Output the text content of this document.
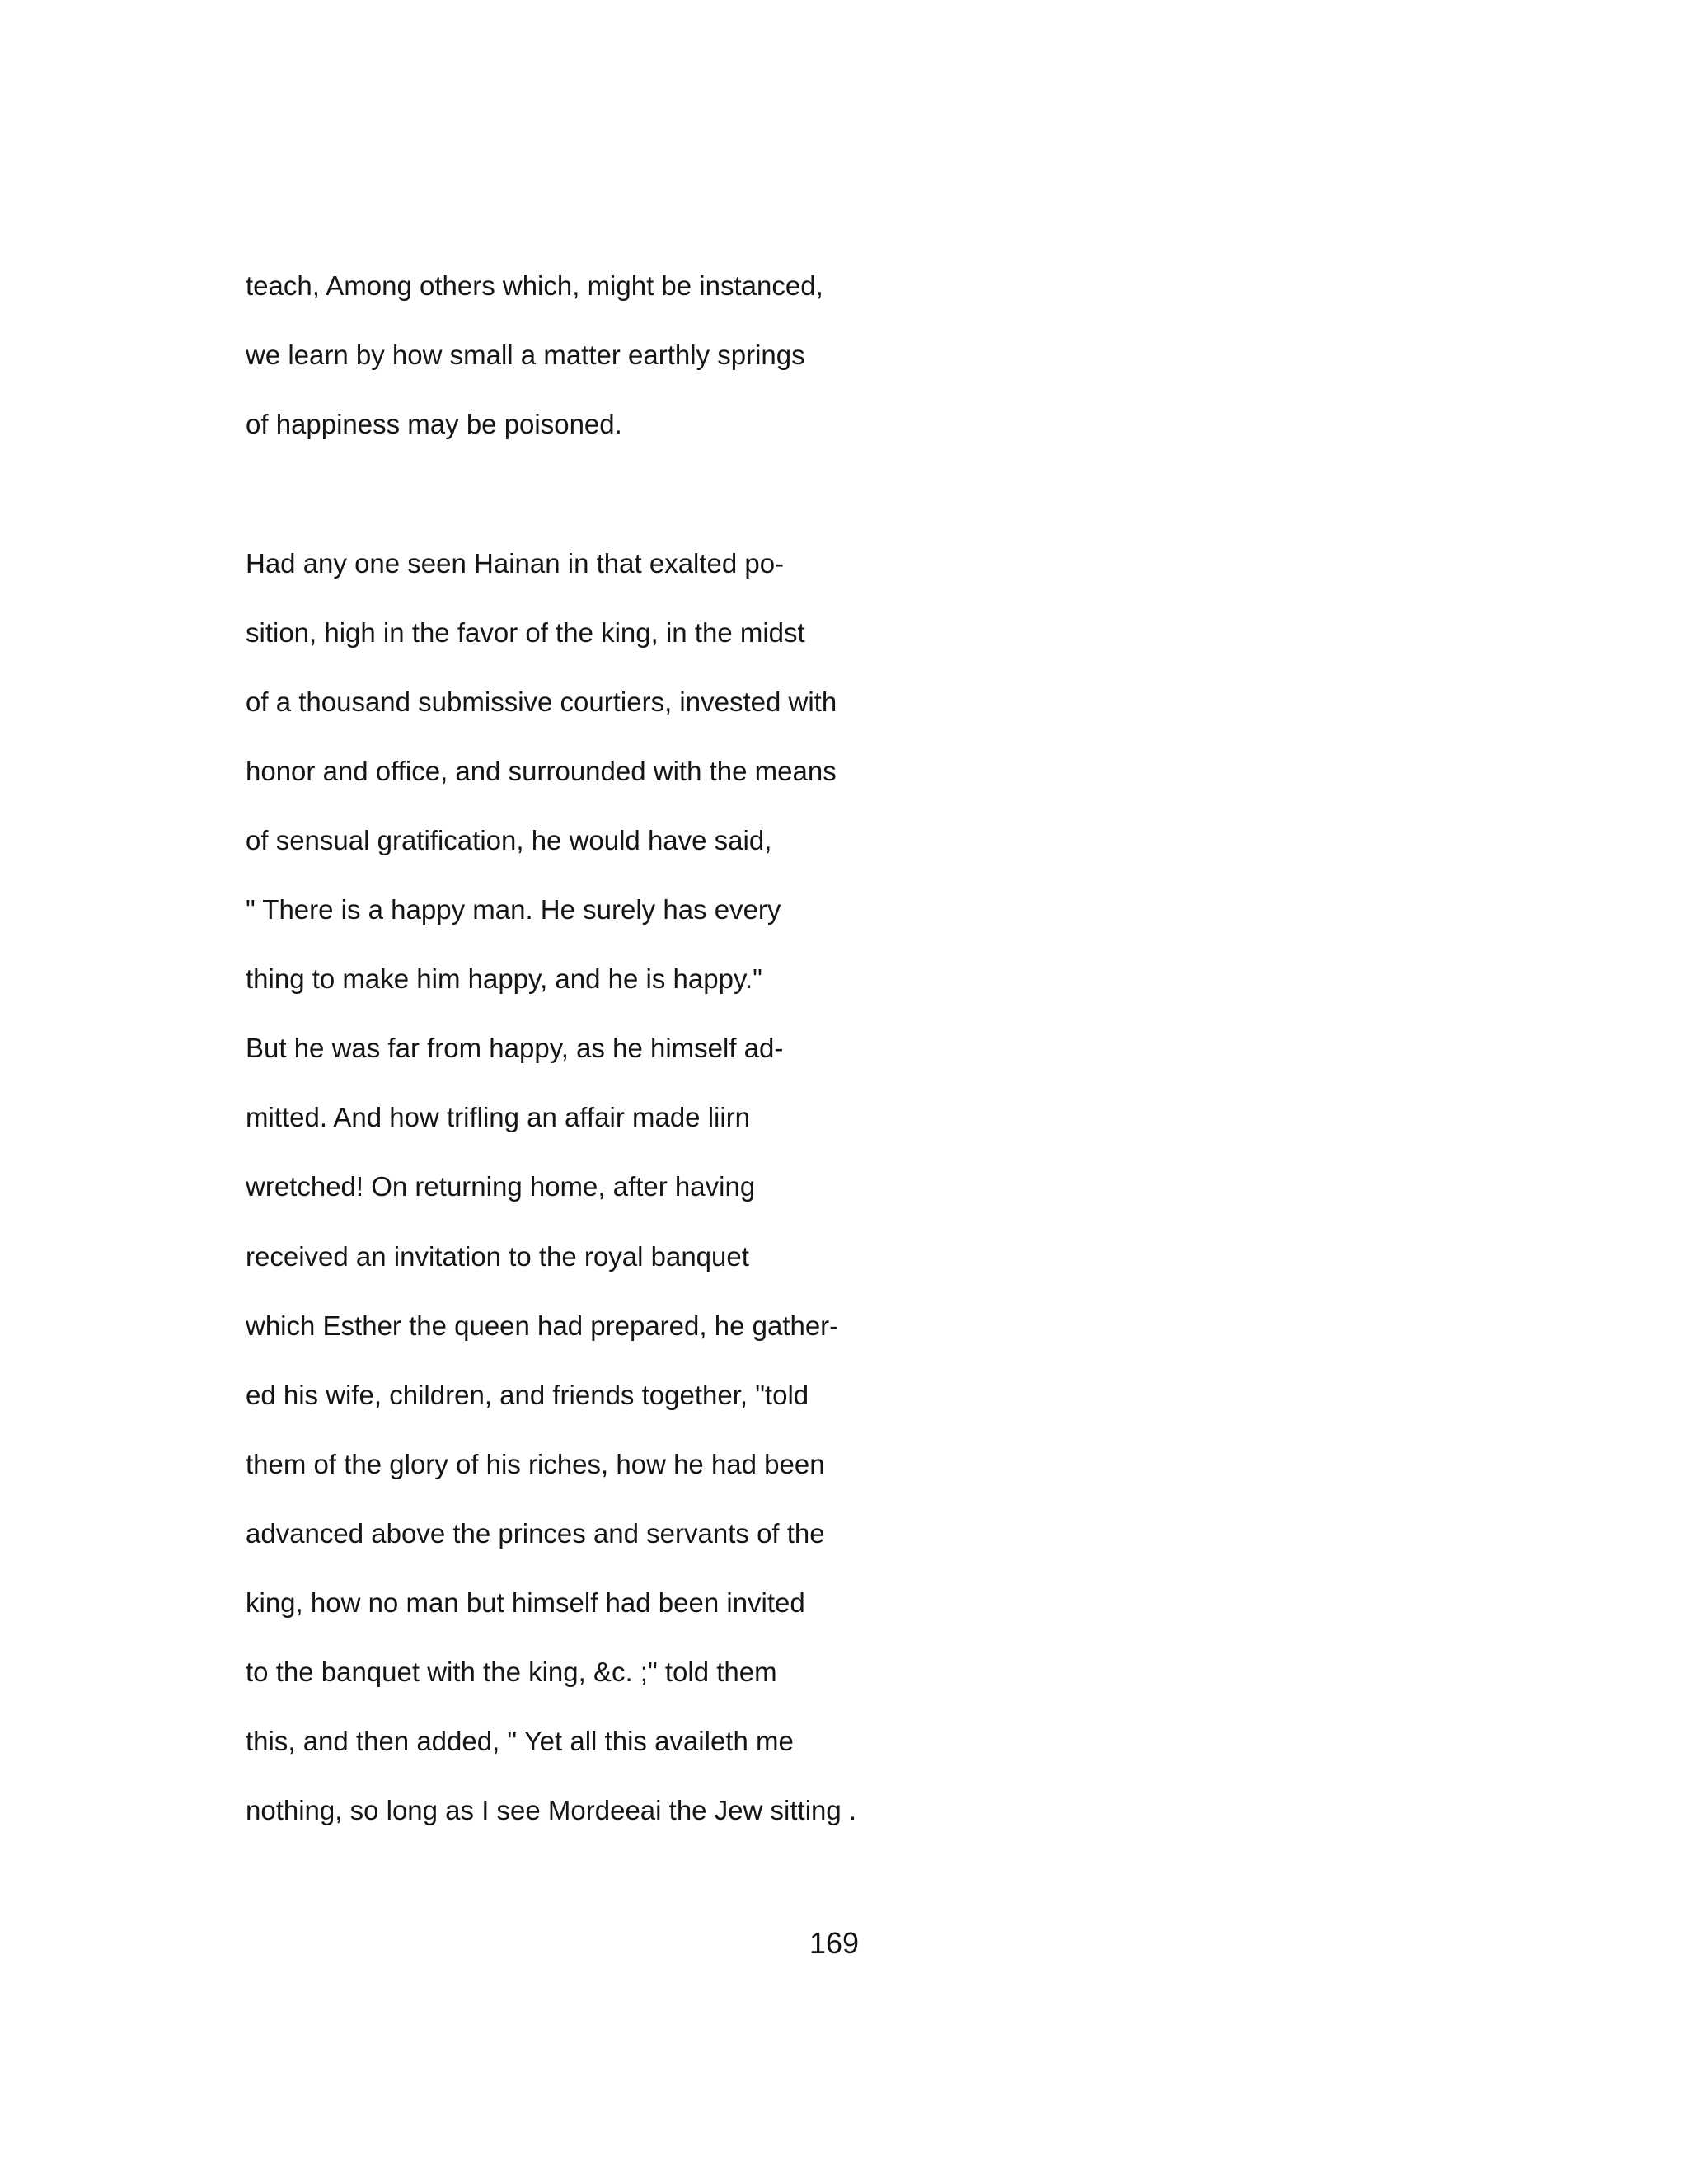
teach, Among others which, might be instanced,

we learn by how small a matter earthly springs

of happiness may be poisoned.

Had any one seen Hainan in that exalted po-

sition, high in the favor of the king, in the midst

of a thousand submissive courtiers, invested with

honor and office, and surrounded with the means

of sensual gratification, he would have said,

" There is a happy man. He surely has every

thing to make him happy, and he is happy."

But he was far from happy, as he himself ad-

mitted. And how trifling an affair made liirn

wretched! On returning home, after having

received an invitation to the royal banquet

which Esther the queen had prepared, he gather-

ed his wife, children, and friends together, "told

them of the glory of his riches, how he had been

advanced above the princes and servants of the

king, how no man but himself had been invited

to the banquet with the king, &c. ;" told them

this, and then added, " Yet all this availeth me

nothing, so long as I see Mordeeai the Jew sitting .

169
